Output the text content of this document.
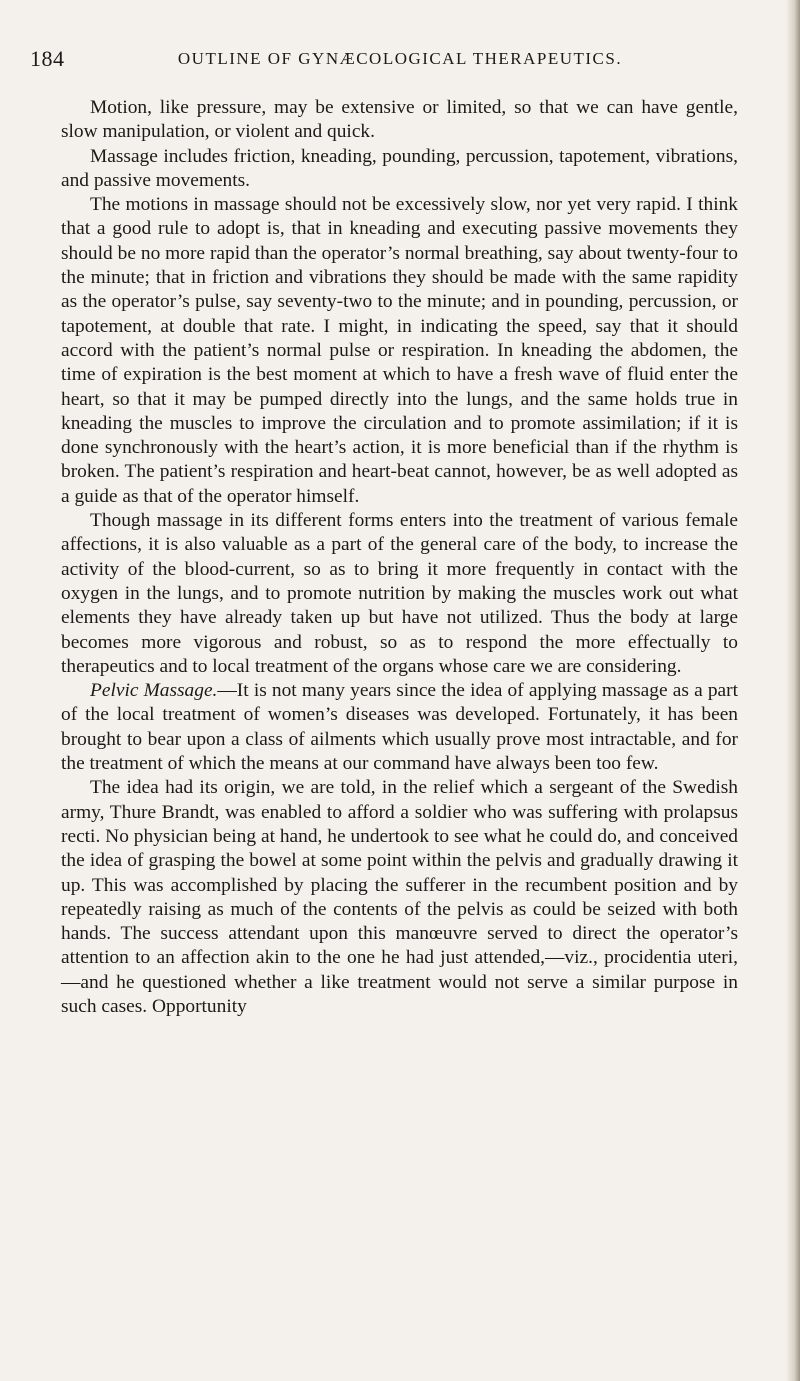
184	OUTLINE OF GYNÆCOLOGICAL THERAPEUTICS.

Motion, like pressure, may be extensive or limited, so that we can have gentle, slow manipulation, or violent and quick.

Massage includes friction, kneading, pounding, percussion, tapotement, vibrations, and passive movements.

The motions in massage should not be excessively slow, nor yet very rapid. I think that a good rule to adopt is, that in kneading and executing passive movements they should be no more rapid than the operator’s normal breathing, say about twenty-four to the minute; that in friction and vibrations they should be made with the same rapidity as the operator’s pulse, say seventy-two to the minute; and in pounding, percussion, or tapotement, at double that rate. I might, in indicating the speed, say that it should accord with the patient’s normal pulse or respiration. In kneading the abdomen, the time of expiration is the best moment at which to have a fresh wave of fluid enter the heart, so that it may be pumped directly into the lungs, and the same holds true in kneading the muscles to improve the circulation and to promote assimilation; if it is done synchronously with the heart’s action, it is more beneficial than if the rhythm is broken. The patient’s respiration and heart-beat cannot, however, be as well adopted as a guide as that of the operator himself.

Though massage in its different forms enters into the treatment of various female affections, it is also valuable as a part of the general care of the body, to increase the activity of the blood-current, so as to bring it more frequently in contact with the oxygen in the lungs, and to promote nutrition by making the muscles work out what elements they have already taken up but have not utilized. Thus the body at large becomes more vigorous and robust, so as to respond the more effectually to therapeutics and to local treatment of the organs whose care we are considering.

Pelvic Massage.—It is not many years since the idea of applying massage as a part of the local treatment of women’s diseases was developed. Fortunately, it has been brought to bear upon a class of ailments which usually prove most intractable, and for the treatment of which the means at our command have always been too few.

The idea had its origin, we are told, in the relief which a sergeant of the Swedish army, Thure Brandt, was enabled to afford a soldier who was suffering with prolapsus recti. No physician being at hand, he undertook to see what he could do, and conceived the idea of grasping the bowel at some point within the pelvis and gradually drawing it up. This was accomplished by placing the sufferer in the recumbent position and by repeatedly raising as much of the contents of the pelvis as could be seized with both hands. The success attendant upon this manœuvre served to direct the operator’s attention to an affection akin to the one he had just attended,—viz., procidentia uteri,—and he questioned whether a like treatment would not serve a similar purpose in such cases. Opportunity
